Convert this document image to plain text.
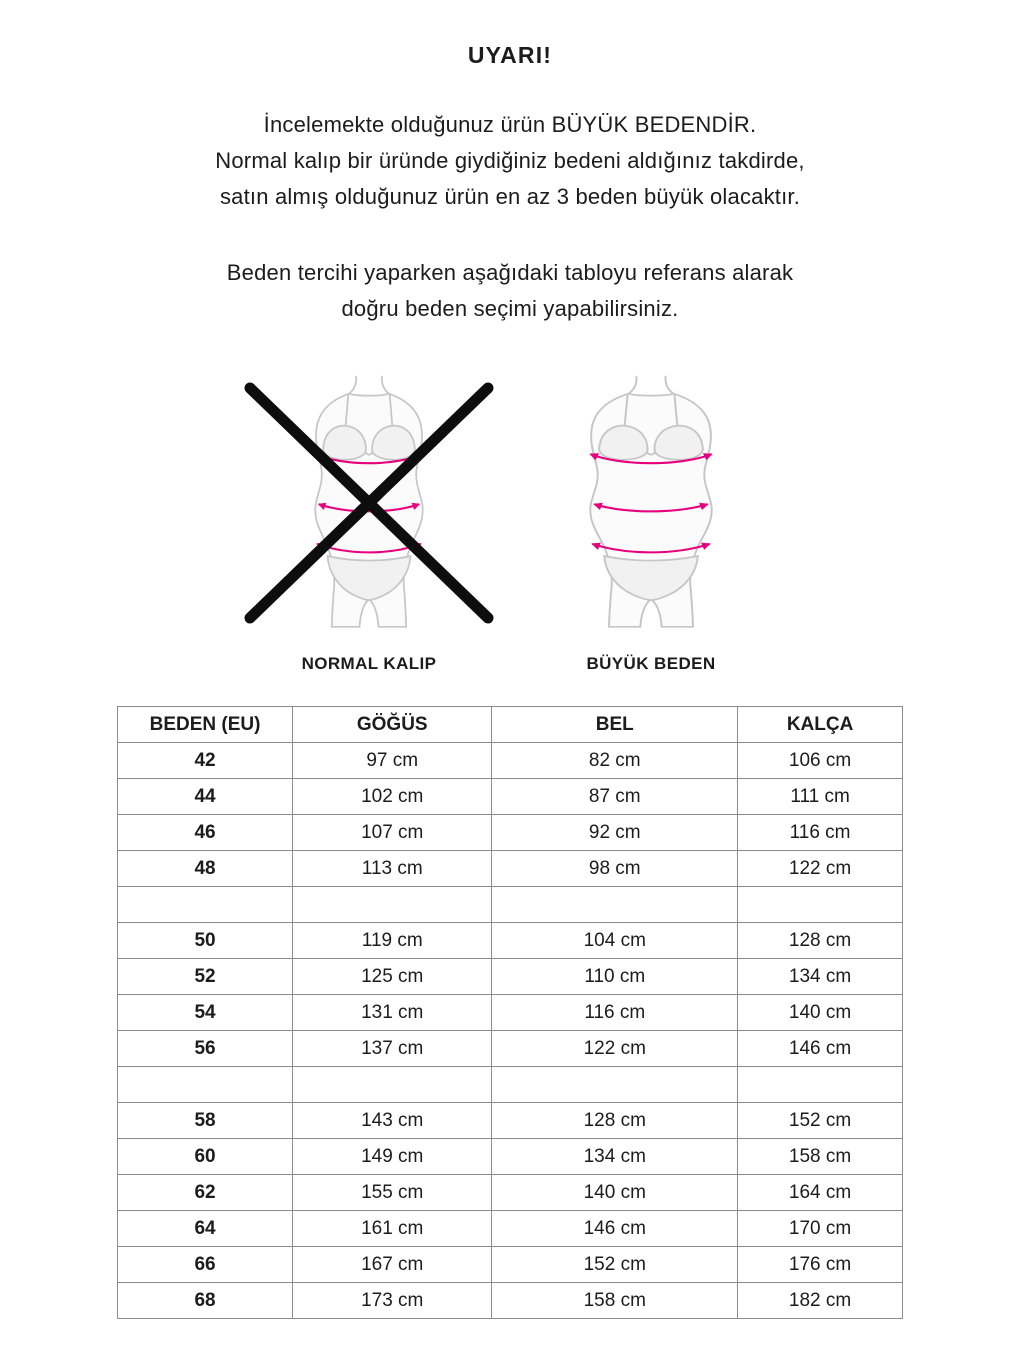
UYARI!
İncelemekte olduğunuz ürün BÜYÜK BEDENDİR.
Normal kalıp bir üründe giydiğiniz bedeni aldığınız takdirde,
satın almış olduğunuz ürün en az 3 beden büyük olacaktır.
Beden tercihi yaparken aşağıdaki tabloyu referans alarak
doğru beden seçimi yapabilirsiniz.
NORMAL KALIP	BÜYÜK BEDEN
BEDEN (EU)	GÖĞÜS	BEL	KALÇA
42	97 cm	82 cm	106 cm
44	102 cm	87 cm	111 cm
46	107 cm	92 cm	116 cm
48	113 cm	98 cm	122 cm

50	119 cm	104 cm	128 cm
52	125 cm	110 cm	134 cm
54	131 cm	116 cm	140 cm
56	137 cm	122 cm	146 cm

58	143 cm	128 cm	152 cm
60	149 cm	134 cm	158 cm
62	155 cm	140 cm	164 cm
64	161 cm	146 cm	170 cm
66	167 cm	152 cm	176 cm
68	173 cm	158 cm	182 cm
